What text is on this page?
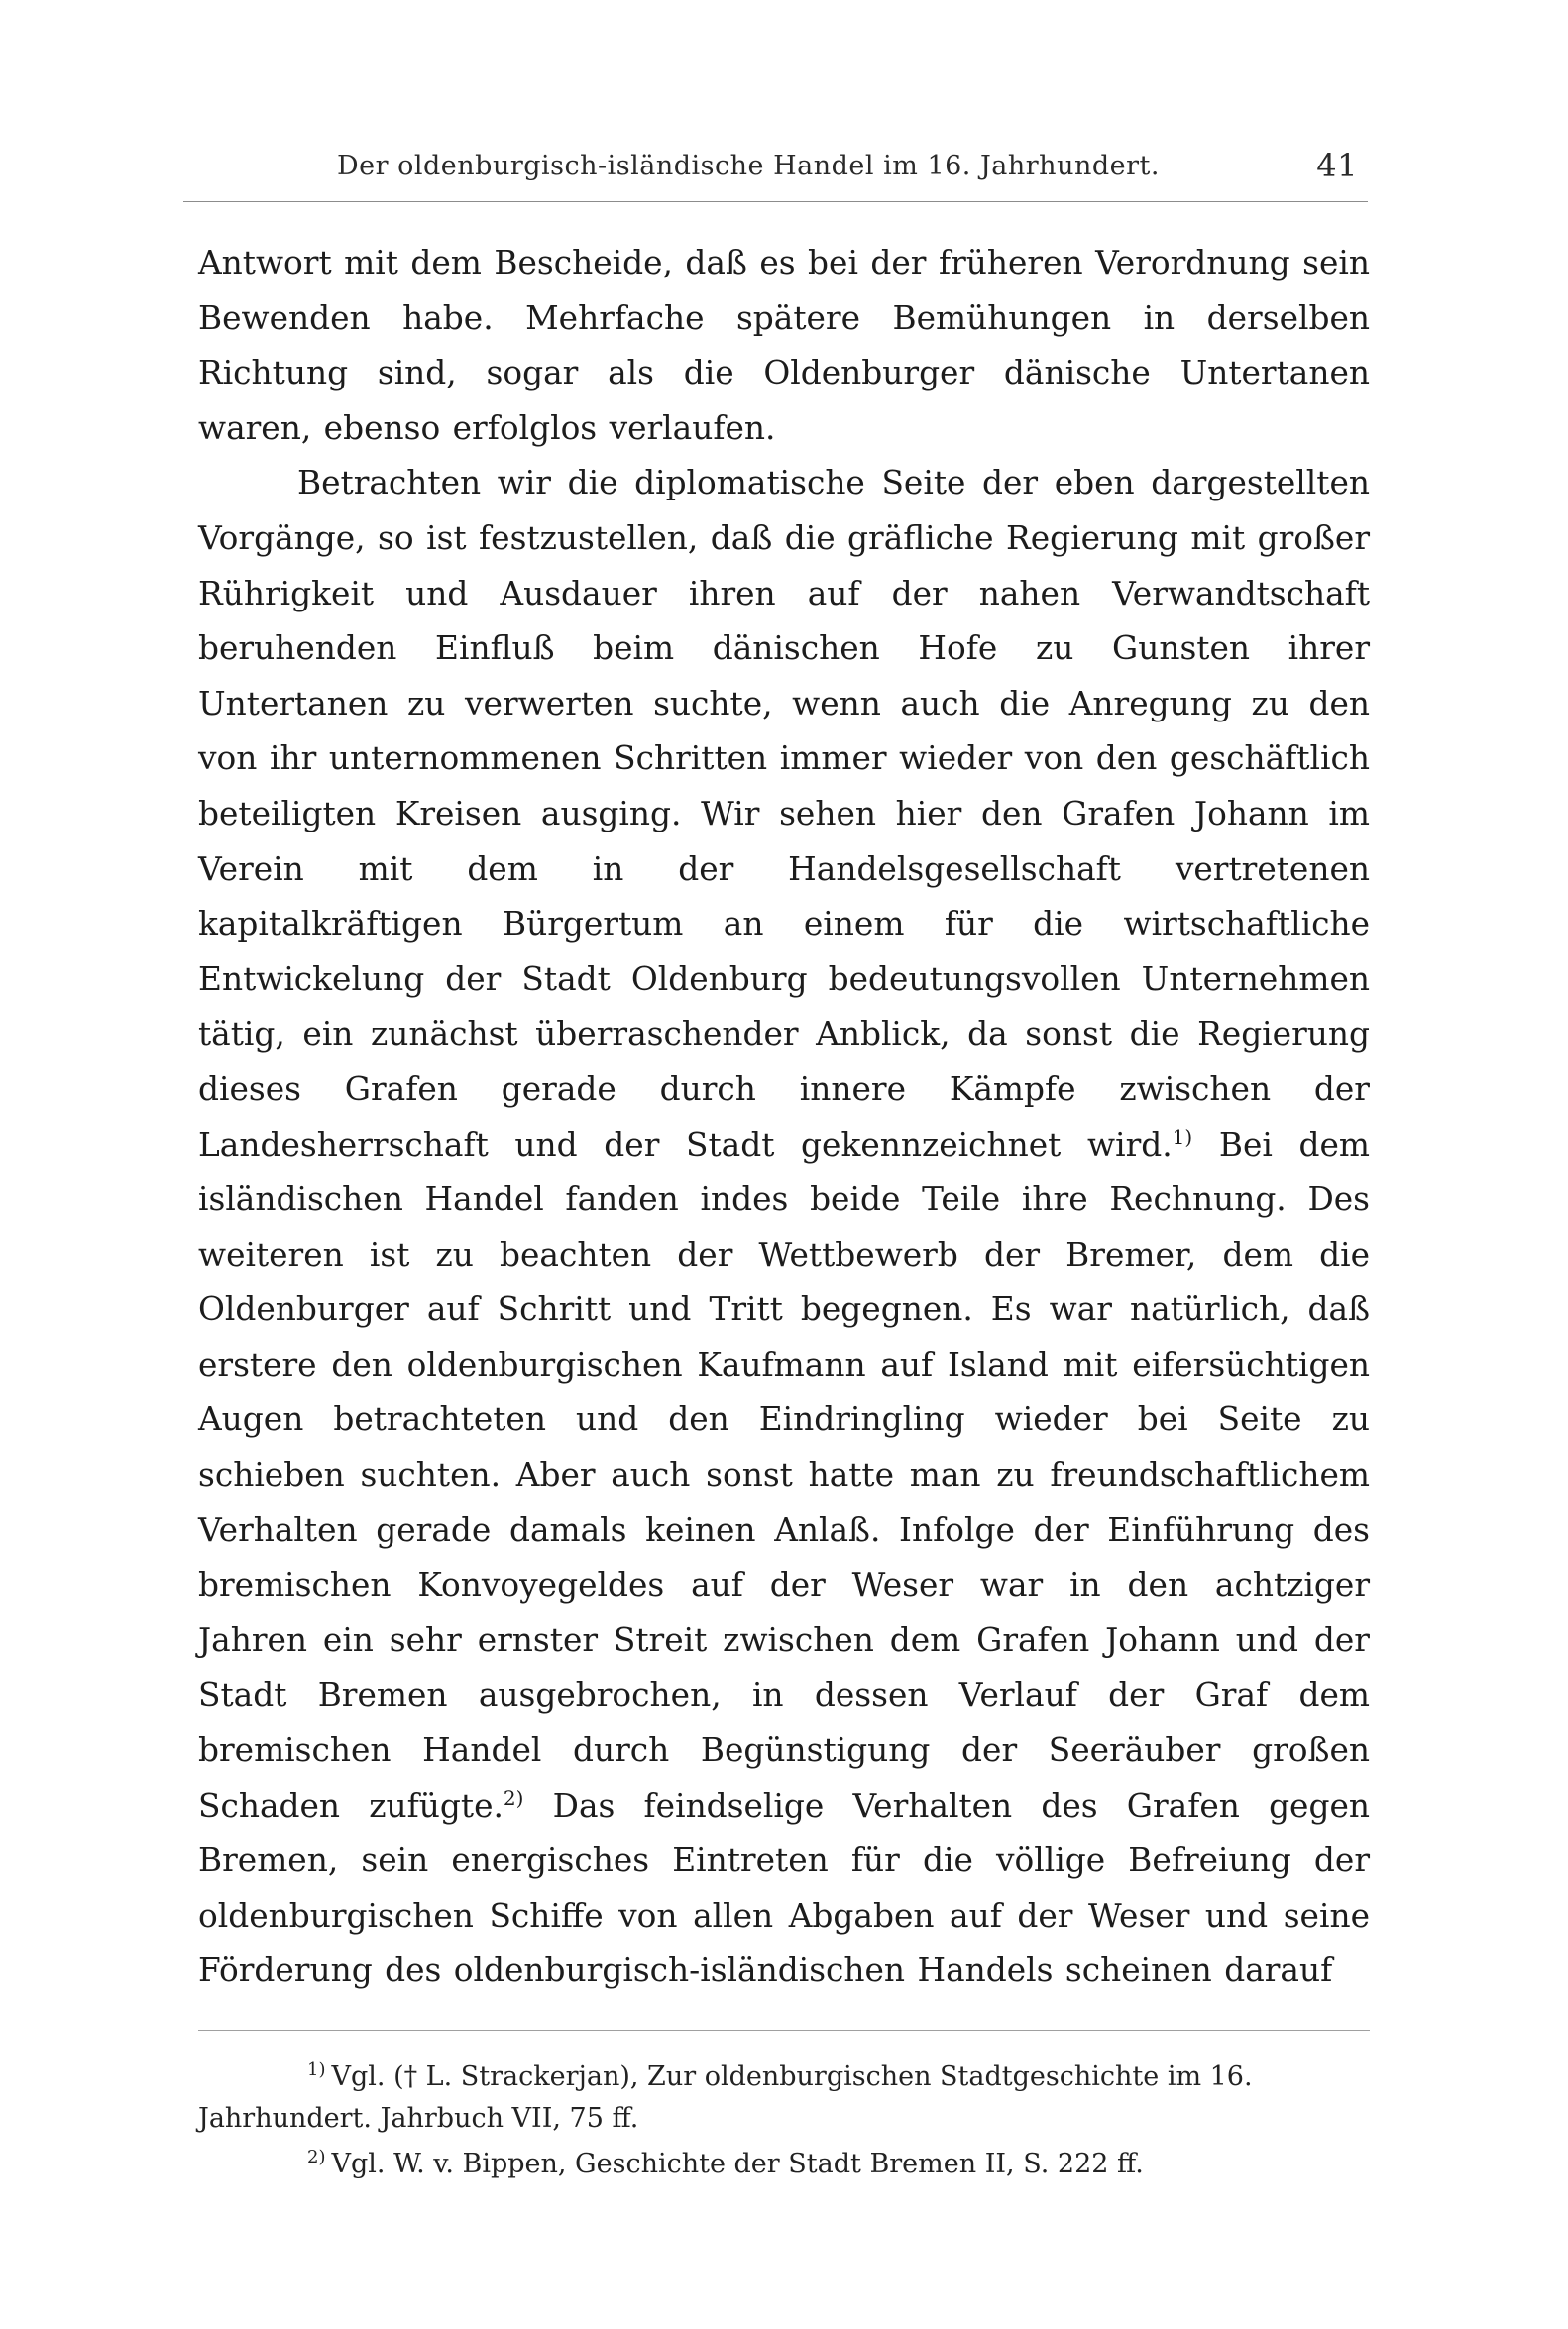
Der oldenburgisch-isländische Handel im 16. Jahrhundert.	41

Antwort mit dem Bescheide, daß es bei der früheren Verordnung sein Bewenden habe. Mehrfache spätere Bemühungen in derselben Richtung sind, sogar als die Oldenburger dänische Untertanen waren, ebenso erfolglos verlaufen.

Betrachten wir die diplomatische Seite der eben dargestellten Vorgänge, so ist festzustellen, daß die gräfliche Regierung mit großer Rührigkeit und Ausdauer ihren auf der nahen Verwandtschaft beruhenden Einfluß beim dänischen Hofe zu Gunsten ihrer Untertanen zu verwerten suchte, wenn auch die Anregung zu den von ihr unternommenen Schritten immer wieder von den geschäftlich beteiligten Kreisen ausging. Wir sehen hier den Grafen Johann im Verein mit dem in der Handelsgesellschaft vertretenen kapitalkräftigen Bürgertum an einem für die wirtschaftliche Entwickelung der Stadt Oldenburg bedeutungsvollen Unternehmen tätig, ein zunächst überraschender Anblick, da sonst die Regierung dieses Grafen gerade durch innere Kämpfe zwischen der Landesherrschaft und der Stadt gekennzeichnet wird.$^{1)}$ Bei dem isländischen Handel fanden indes beide Teile ihre Rechnung. Des weiteren ist zu beachten der Wettbewerb der Bremer, dem die Oldenburger auf Schritt und Tritt begegnen. Es war natürlich, daß erstere den oldenburgischen Kaufmann auf Island mit eifersüchtigen Augen betrachteten und den Eindringling wieder bei Seite zu schieben suchten. Aber auch sonst hatte man zu freundschaftlichem Verhalten gerade damals keinen Anlaß. Infolge der Einführung des bremischen Konvoyegeldes auf der Weser war in den achtziger Jahren ein sehr ernster Streit zwischen dem Grafen Johann und der Stadt Bremen ausgebrochen, in dessen Verlauf der Graf dem bremischen Handel durch Begünstigung der Seeräuber großen Schaden zufügte.$^{2)}$ Das feindselige Verhalten des Grafen gegen Bremen, sein energisches Eintreten für die völlige Befreiung der oldenburgischen Schiffe von allen Abgaben auf der Weser und seine Förderung des oldenburgisch-isländischen Handels scheinen darauf

$^{1)}$ Vgl. († L. Strackerjan), Zur oldenburgischen Stadtgeschichte im 16. Jahrhundert. Jahrbuch VII, 75 ff.

$^{2)}$ Vgl. W. v. Bippen, Geschichte der Stadt Bremen II, S. 222 ff.
